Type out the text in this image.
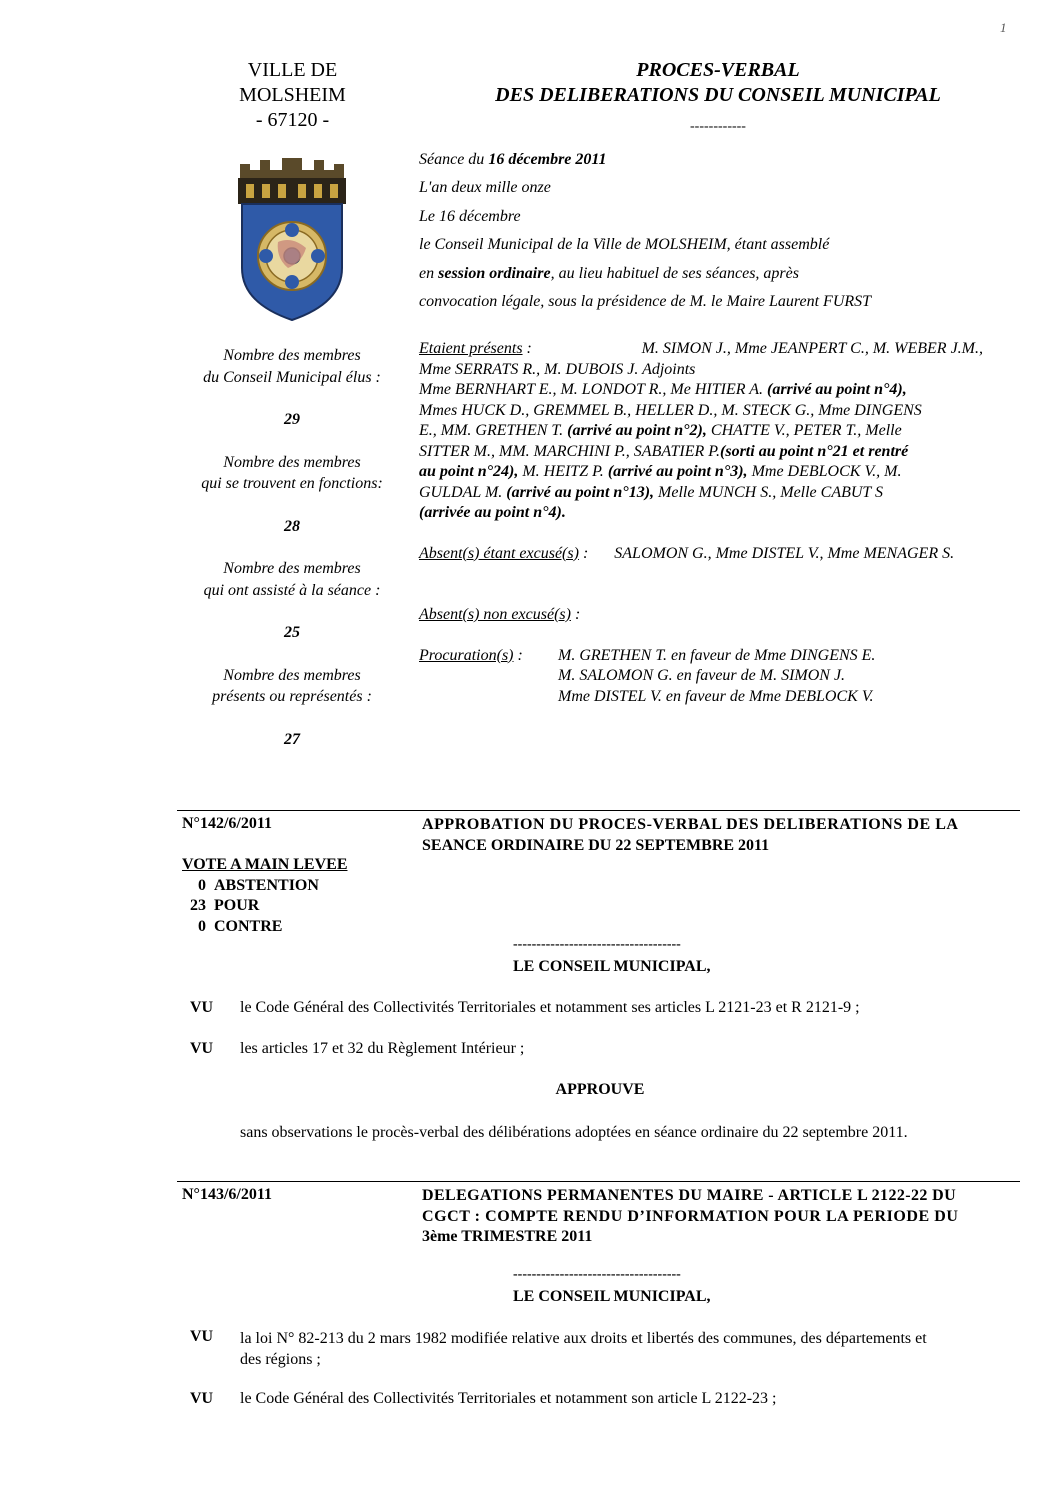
1
VILLE DE
MOLSHEIM
- 67120 -
PROCES-VERBAL
DES DELIBERATIONS DU CONSEIL MUNICIPAL
------------
Séance du 16 décembre 2011
L'an deux mille onze
Le 16 décembre
le Conseil Municipal de la Ville de MOLSHEIM, étant assemblé
en session ordinaire, au lieu habituel de ses séances, après
convocation légale, sous la présidence de M. le Maire Laurent FURST
Nombre des membres
du Conseil Municipal élus :
29
Nombre des membres
qui se trouvent en fonctions:
28
Nombre des membres
qui ont assisté à la séance :
25
Nombre des membres
présents ou représentés :
27
Etaient présents :	M. SIMON J., Mme JEANPERT C., M. WEBER J.M.,
Mme SERRATS R., M. DUBOIS J. Adjoints
Mme BERNHART E., M. LONDOT R., Me HITIER A. (arrivé au point n°4),
Mmes HUCK D., GREMMEL B., HELLER D., M. STECK G., Mme DINGENS
E., MM. GRETHEN T. (arrivé au point n°2), CHATTE V., PETER T., Melle
SITTER M., MM. MARCHINI P., SABATIER P.(sorti au point n°21 et rentré
au point n°24), M. HEITZ P. (arrivé au point n°3), Mme DEBLOCK V., M.
GULDAL M. (arrivé au point n°13), Melle MUNCH S., Melle CABUT S
(arrivée au point n°4).
Absent(s) étant excusé(s) : SALOMON G., Mme DISTEL V., Mme MENAGER S.
Absent(s) non excusé(s) :
Procuration(s) : M. GRETHEN T. en faveur de Mme DINGENS E.
M. SALOMON G. en faveur de M. SIMON J.
Mme DISTEL V. en faveur de Mme DEBLOCK V.
N°142/6/2011	APPROBATION DU PROCES-VERBAL DES DELIBERATIONS DE LA
SEANCE ORDINAIRE DU 22 SEPTEMBRE 2011
VOTE A MAIN LEVEE
0 ABSTENTION
23 POUR
0 CONTRE
------------------------------------
LE CONSEIL MUNICIPAL,
VU le Code Général des Collectivités Territoriales et notamment ses articles L 2121-23 et R 2121-9 ;
VU les articles 17 et 32 du Règlement Intérieur ;
APPROUVE
sans observations le procès-verbal des délibérations adoptées en séance ordinaire du 22 septembre 2011.
N°143/6/2011	DELEGATIONS PERMANENTES DU MAIRE - ARTICLE L 2122-22 DU
CGCT : COMPTE RENDU D’INFORMATION POUR LA PERIODE DU
3ème TRIMESTRE 2011
------------------------------------
LE CONSEIL MUNICIPAL,
VU la loi N° 82-213 du 2 mars 1982 modifiée relative aux droits et libertés des communes, des départements et
des régions ;
VU le Code Général des Collectivités Territoriales et notamment son article L 2122-23 ;
